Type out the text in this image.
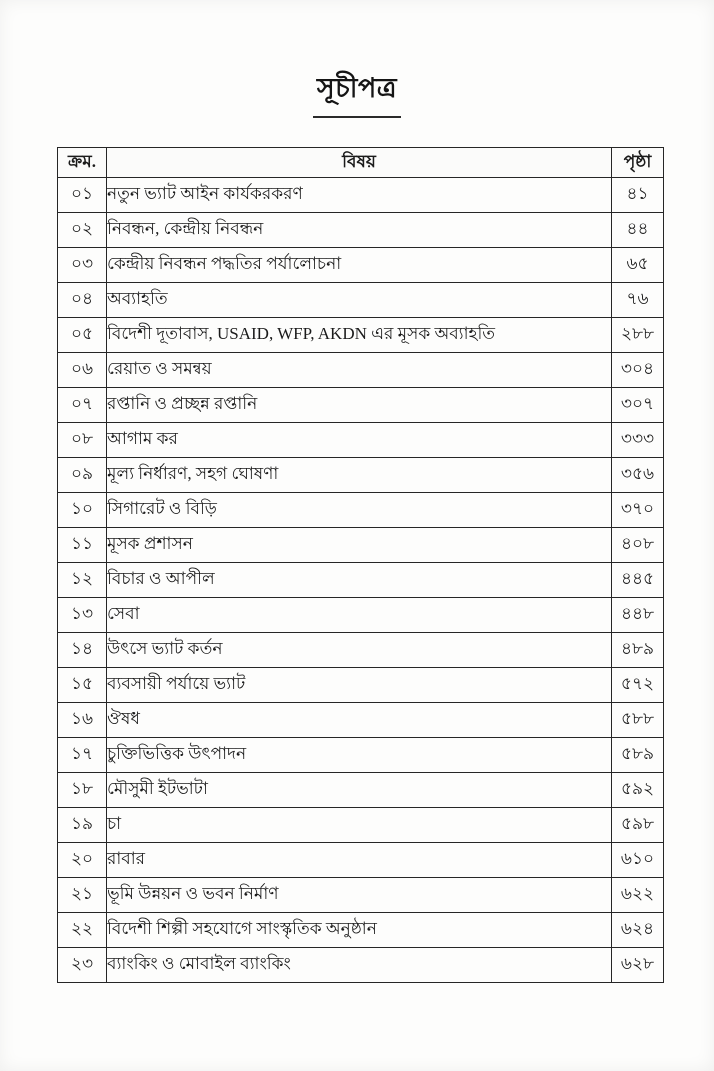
সূচীপত্র
ক্রম.	বিষয়	পৃষ্ঠা
০১	নতুন ভ্যাট আইন কার্যকরকরণ	৪১
০২	নিবন্ধন, কেন্দ্রীয় নিবন্ধন	৪৪
০৩	কেন্দ্রীয় নিবন্ধন পদ্ধতির পর্যালোচনা	৬৫
০৪	অব্যাহতি	৭৬
০৫	বিদেশী দূতাবাস, USAID, WFP, AKDN এর মূসক অব্যাহতি	২৮৮
০৬	রেয়াত ও সমন্বয়	৩০৪
০৭	রপ্তানি ও প্রচ্ছন্ন রপ্তানি	৩০৭
০৮	আগাম কর	৩৩৩
০৯	মূল্য নির্ধারণ, সহগ ঘোষণা	৩৫৬
১০	সিগারেট ও বিড়ি	৩৭০
১১	মূসক প্রশাসন	৪০৮
১২	বিচার ও আপীল	৪৪৫
১৩	সেবা	৪৪৮
১৪	উৎসে ভ্যাট কর্তন	৪৮৯
১৫	ব্যবসায়ী পর্যায়ে ভ্যাট	৫৭২
১৬	ঔষধ	৫৮৮
১৭	চুক্তিভিত্তিক উৎপাদন	৫৮৯
১৮	মৌসুমী ইটভাটা	৫৯২
১৯	চা	৫৯৮
২০	রাবার	৬১০
২১	ভূমি উন্নয়ন ও ভবন নির্মাণ	৬২২
২২	বিদেশী শিল্পী সহযোগে সাংস্কৃতিক অনুষ্ঠান	৬২৪
২৩	ব্যাংকিং ও মোবাইল ব্যাংকিং	৬২৮
